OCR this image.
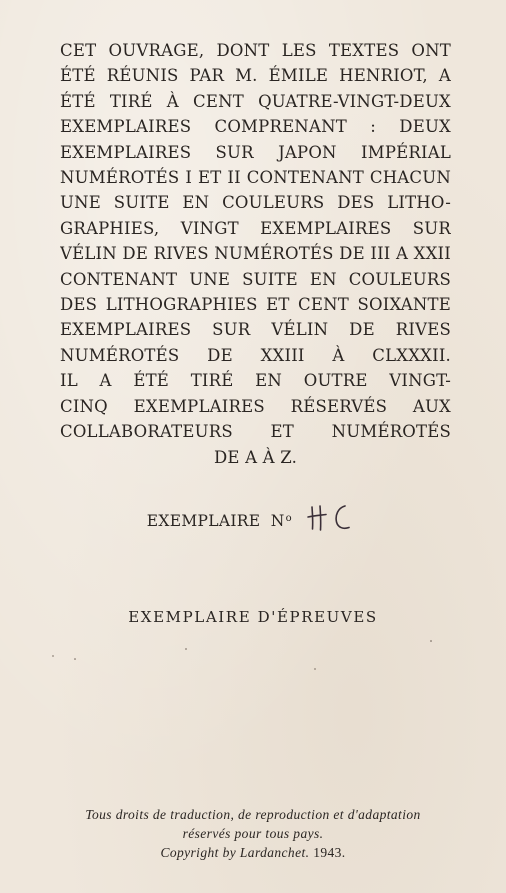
CET OUVRAGE, DONT LES TEXTES ONT
ÉTÉ RÉUNIS PAR M. ÉMILE HENRIOT, A
ÉTÉ TIRÉ À CENT QUATRE-VINGT-DEUX
EXEMPLAIRES COMPRENANT : DEUX
EXEMPLAIRES SUR JAPON IMPÉRIAL
NUMÉROTÉS I ET II CONTENANT CHACUN
UNE SUITE EN COULEURS DES LITHO-
GRAPHIES, VINGT EXEMPLAIRES SUR
VÉLIN DE RIVES NUMÉROTÉS DE III A XXII
CONTENANT UNE SUITE EN COULEURS
DES LITHOGRAPHIES ET CENT SOIXANTE
EXEMPLAIRES SUR VÉLIN DE RIVES
NUMÉROTÉS DE XXIII À CLXXXII.
IL A ÉTÉ TIRÉ EN OUTRE VINGT-
CINQ EXEMPLAIRES RÉSERVÉS AUX
COLLABORATEURS ET NUMÉROTÉS
DE A À Z.
EXEMPLAIRE $N^o$
EXEMPLAIRE D'ÉPREUVES
Tous droits de traduction, de reproduction et d'adaptation
réservés pour tous pays.
Copyright by Lardanchet. 1943.
